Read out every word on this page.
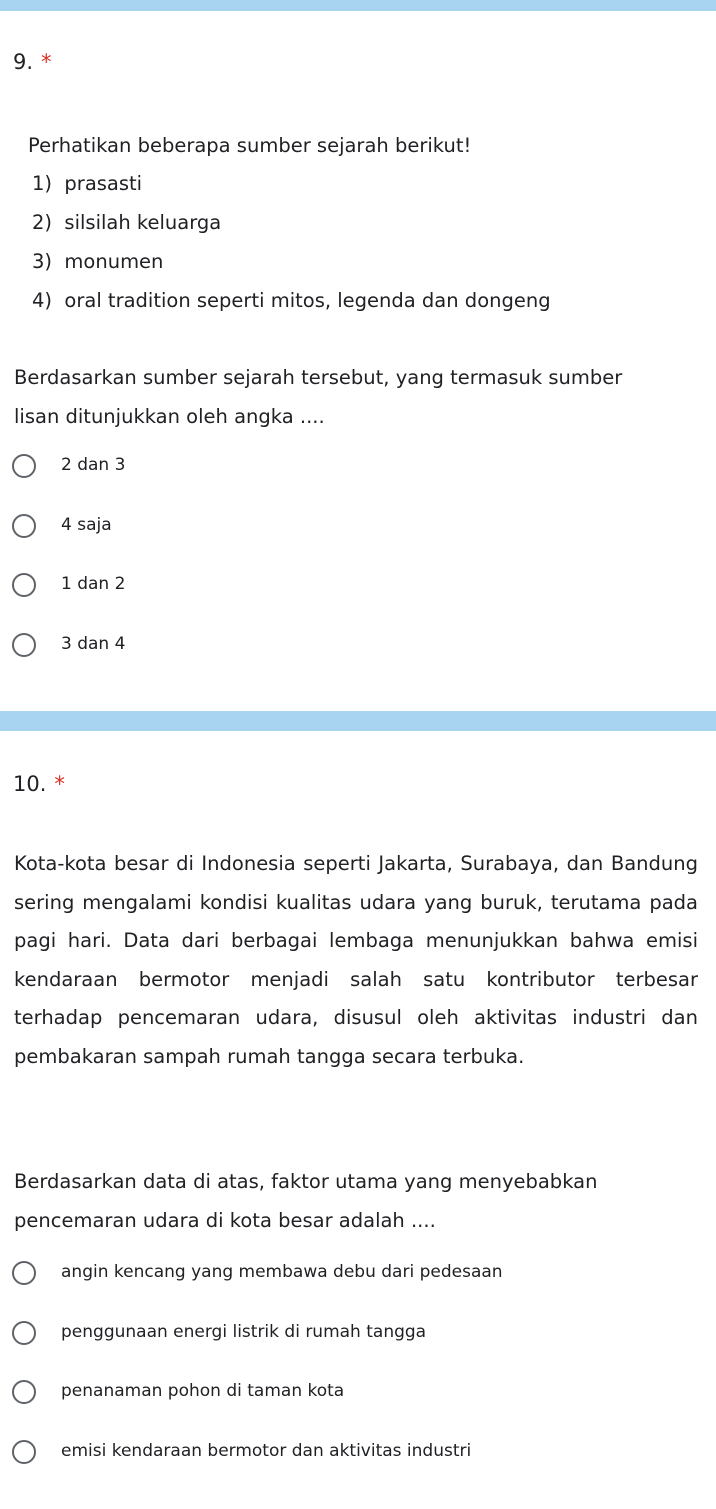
9. *
Perhatikan beberapa sumber sejarah berikut!
1) prasasti
2) silsilah keluarga
3) monumen
4) oral tradition seperti mitos, legenda dan dongeng
Berdasarkan sumber sejarah tersebut, yang termasuk sumber
lisan ditunjukkan oleh angka ....
2 dan 3
4 saja
1 dan 2
3 dan 4
10. *

Kota-kota besar di Indonesia seperti Jakarta, Surabaya, dan Bandung sering mengalami kondisi kualitas udara yang buruk, terutama pada pagi hari. Data dari berbagai lembaga menunjukkan bahwa emisi kendaraan bermotor menjadi salah satu kontributor terbesar terhadap pencemaran udara, disusul oleh aktivitas industri dan pembakaran sampah rumah tangga secara terbuka.

Berdasarkan data di atas, faktor utama yang menyebabkan pencemaran udara di kota besar adalah ....

angin kencang yang membawa debu dari pedesaan
penggunaan energi listrik di rumah tangga
penanaman pohon di taman kota
emisi kendaraan bermotor dan aktivitas industri
